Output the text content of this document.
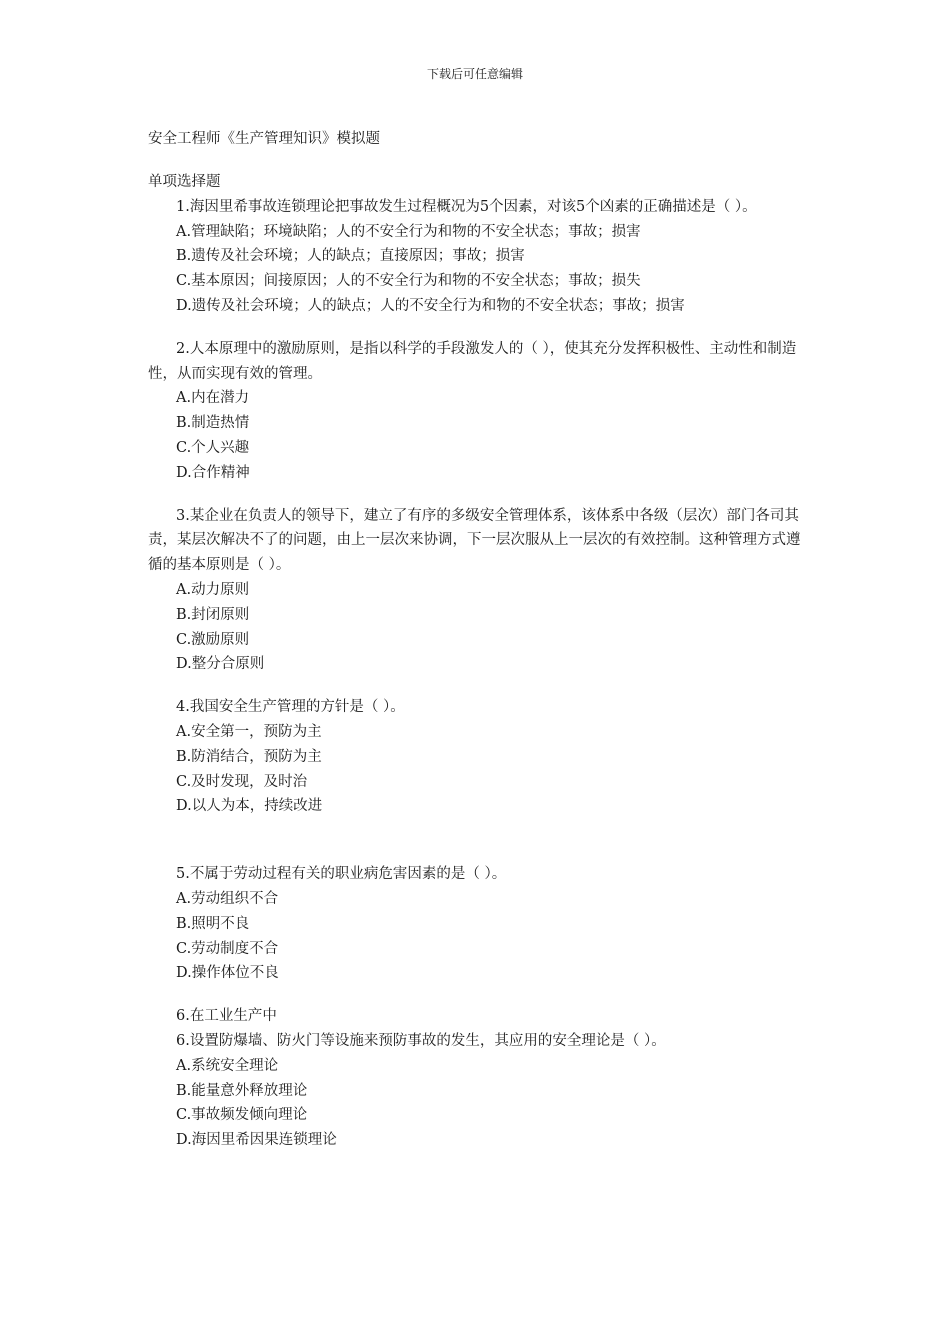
下载后可任意编辑
安全工程师《生产管理知识》模拟题
单项选择题

1.海因里希事故连锁理论把事故发生过程概况为5个因素，对该5个凶素的正确描述是（ ）。

A.管理缺陷；环境缺陷；人的不安全行为和物的不安全状态；事故；损害

B.遗传及社会环境；人的缺点；直接原因；事故；损害

C.基本原因；间接原因；人的不安全行为和物的不安全状态；事故；损失

D.遗传及社会环境；人的缺点；人的不安全行为和物的不安全状态；事故；损害

2.人本原理中的激励原则，是指以科学的手段激发人的（ ），使其充分发挥积极性、主动性和制造性，从而实现有效的管理。

A.内在潜力

B.制造热情

C.个人兴趣

D.合作精神

3.某企业在负责人的领导下，建立了有序的多级安全管理体系，该体系中各级（层次）部门各司其责，某层次解决不了的问题，由上一层次来协调，下一层次服从上一层次的有效控制。这种管理方式遵循的基本原则是（ ）。

A.动力原则

B.封闭原则

C.激励原则

D.整分合原则

4.我国安全生产管理的方针是（ ）。

A.安全第一，预防为主

B.防消结合，预防为主

C.及时发现，及时治

D.以人为本，持续改进

5.不属于劳动过程有关的职业病危害因素的是（ ）。

A.劳动组织不合

B.照明不良

C.劳动制度不合

D.操作体位不良

6.在工业生产中

6.设置防爆墙、防火门等设施来预防事故的发生，其应用的安全理论是（ ）。

A.系统安全理论

B.能量意外释放理论

C.事故频发倾向理论

D.海因里希因果连锁理论
